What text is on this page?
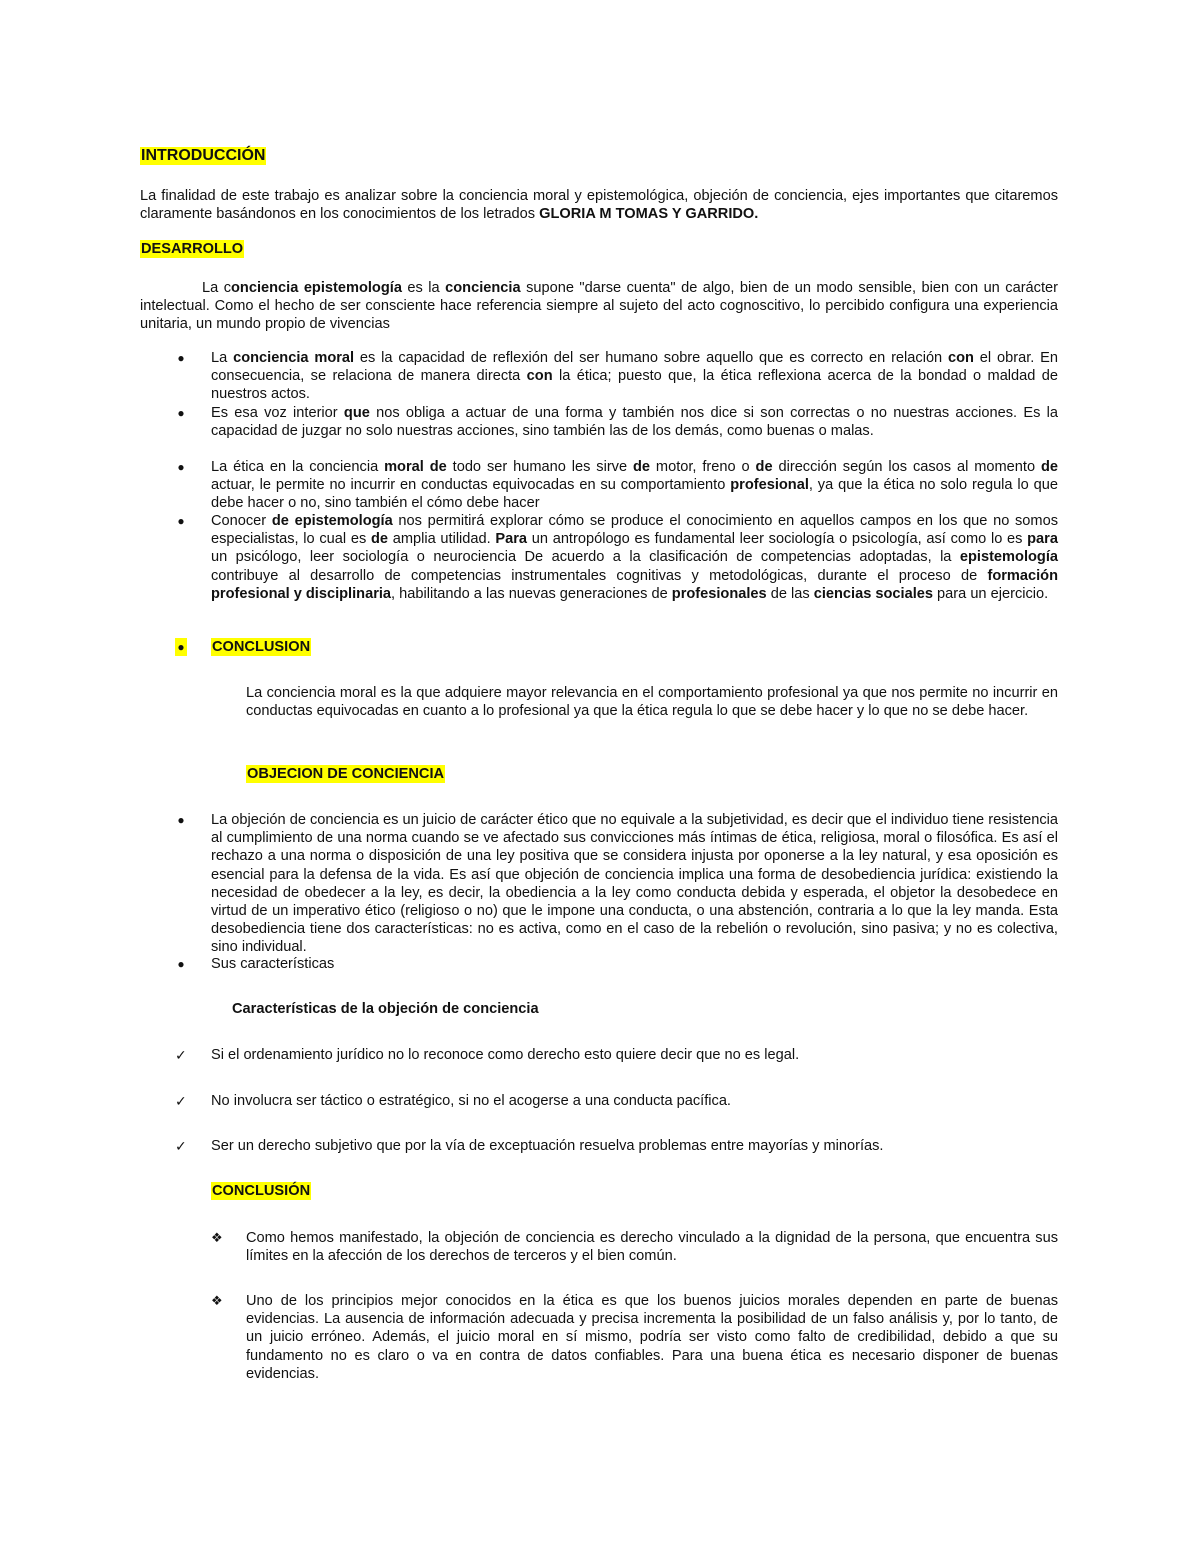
INTRODUCCIÓN
La finalidad de este trabajo es analizar sobre la conciencia moral y epistemológica, objeción de conciencia, ejes importantes que citaremos claramente basándonos en los conocimientos de los letrados GLORIA M TOMAS Y GARRIDO.
DESARROLLO
La conciencia epistemología es la conciencia supone "darse cuenta" de algo, bien de un modo sensible, bien con un carácter intelectual. Como el hecho de ser consciente hace referencia siempre al sujeto del acto cognoscitivo, lo percibido configura una experiencia unitaria, un mundo propio de vivencias
● La conciencia moral es la capacidad de reflexión del ser humano sobre aquello que es correcto en relación con el obrar. En consecuencia, se relaciona de manera directa con la ética; puesto que, la ética reflexiona acerca de la bondad o maldad de nuestros actos.

● Es esa voz interior que nos obliga a actuar de una forma y también nos dice si son correctas o no nuestras acciones. Es la capacidad de juzgar no solo nuestras acciones, sino también las de los demás, como buenas o malas.

● La ética en la conciencia moral de todo ser humano les sirve de motor, freno o de dirección según los casos al momento de actuar, le permite no incurrir en conductas equivocadas en su comportamiento profesional, ya que la ética no solo regula lo que debe hacer o no, sino también el cómo debe hacer

● Conocer de epistemología nos permitirá explorar cómo se produce el conocimiento en aquellos campos en los que no somos especialistas, lo cual es de amplia utilidad. Para un antropólogo es fundamental leer sociología o psicología, así como lo es para un psicólogo, leer sociología o neurociencia De acuerdo a la clasificación de competencias adoptadas, la epistemología contribuye al desarrollo de competencias instrumentales cognitivas y metodológicas, durante el proceso de formación profesional y disciplinaria, habilitando a las nuevas generaciones de profesionales de las ciencias sociales para un ejercicio.

● CONCLUSION

La conciencia moral es la que adquiere mayor relevancia en el comportamiento profesional ya que nos permite no incurrir en conductas equivocadas en cuanto a lo profesional ya que la ética regula lo que se debe hacer y lo que no se debe hacer.
OBJECION DE CONCIENCIA
● La objeción de conciencia es un juicio de carácter ético que no equivale a la subjetividad, es decir que el individuo tiene resistencia al cumplimiento de una norma cuando se ve afectado sus convicciones más íntimas de ética, religiosa, moral o filosófica. Es así el rechazo a una norma o disposición de una ley positiva que se considera injusta por oponerse a la ley natural, y esa oposición es esencial para la defensa de la vida. Es así que objeción de conciencia implica una forma de desobediencia jurídica: existiendo la necesidad de obedecer a la ley, es decir, la obediencia a la ley como conducta debida y esperada, el objetor la desobedece en virtud de un imperativo ético (religioso o no) que le impone una conducta, o una abstención, contraria a lo que la ley manda. Esta desobediencia tiene dos características: no es activa, como en el caso de la rebelión o revolución, sino pasiva; y no es colectiva, sino individual.

● Sus características

Características de la objeción de conciencia
✓ Si el ordenamiento jurídico no lo reconoce como derecho esto quiere decir que no es legal.
✓ No involucra ser táctico o estratégico, si no el acogerse a una conducta pacífica.
✓ Ser un derecho subjetivo que por la vía de exceptuación resuelva problemas entre mayorías y minorías.
CONCLUSIÓN
❖ Como hemos manifestado, la objeción de conciencia es derecho vinculado a la dignidad de la persona, que encuentra sus límites en la afección de los derechos de terceros y el bien común.
❖ Uno de los principios mejor conocidos en la ética es que los buenos juicios morales dependen en parte de buenas evidencias. La ausencia de información adecuada y precisa incrementa la posibilidad de un falso análisis y, por lo tanto, de un juicio erróneo. Además, el juicio moral en sí mismo, podría ser visto como falto de credibilidad, debido a que su fundamento no es claro o va en contra de datos confiables. Para una buena ética es necesario disponer de buenas evidencias.
